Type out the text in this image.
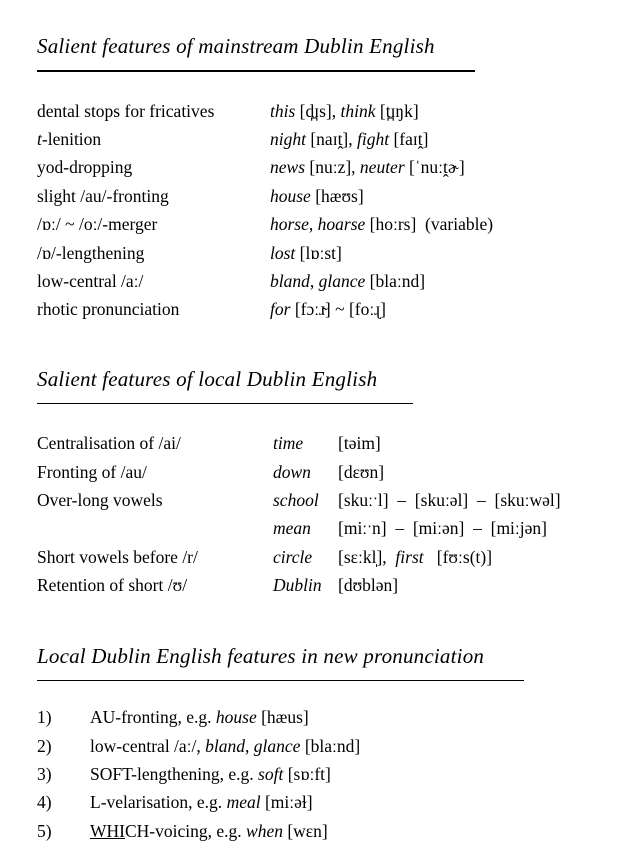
Salient features of mainstream Dublin English
dental stops for fricatives	this [d̪ɪs], think [t̪ɪŋk]
t-lenition	night [naɪṱ], fight [faɪṱ]
yod-dropping	news [nuːz], neuter [ˈnuːṱɚ]
slight /au/-fronting	house [hæʊs]
/ɒː/ ~ /oː/-merger	horse, hoarse [hoːrs]  (variable)
/ɒ/-lengthening	lost [lɒːst]
low-central /aː/	bland, glance [blaːnd]
rhotic pronunciation	for [fɔːɹ̴] ~ [foːɻ]
Salient features of local Dublin English
Centralisation of /ai/	time [təim]
Fronting of /au/	down [dɛʊn]
Over-long vowels	school [skuːˑl]  –  [skuːəl]  –  [skuːwəl]
mean [miːˑn]  –  [miːən]  –  [miːjən]
Short vowels before /r/	circle [sɛːkl̩],  first   [fʊːs(t)]
Retention of short /ʊ/	Dublin [dʊblən]
Local Dublin English features in new pronunciation
1)	AU-fronting, e.g. house [hæus]
2)	low-central /aː/, bland, glance [blaːnd]
3)	SOFT-lengthening, e.g. soft [sɒːft]
4)	L-velarisation, e.g. meal [miːəɫ]
5)	WHICH-voicing, e.g. when [wɛn]
